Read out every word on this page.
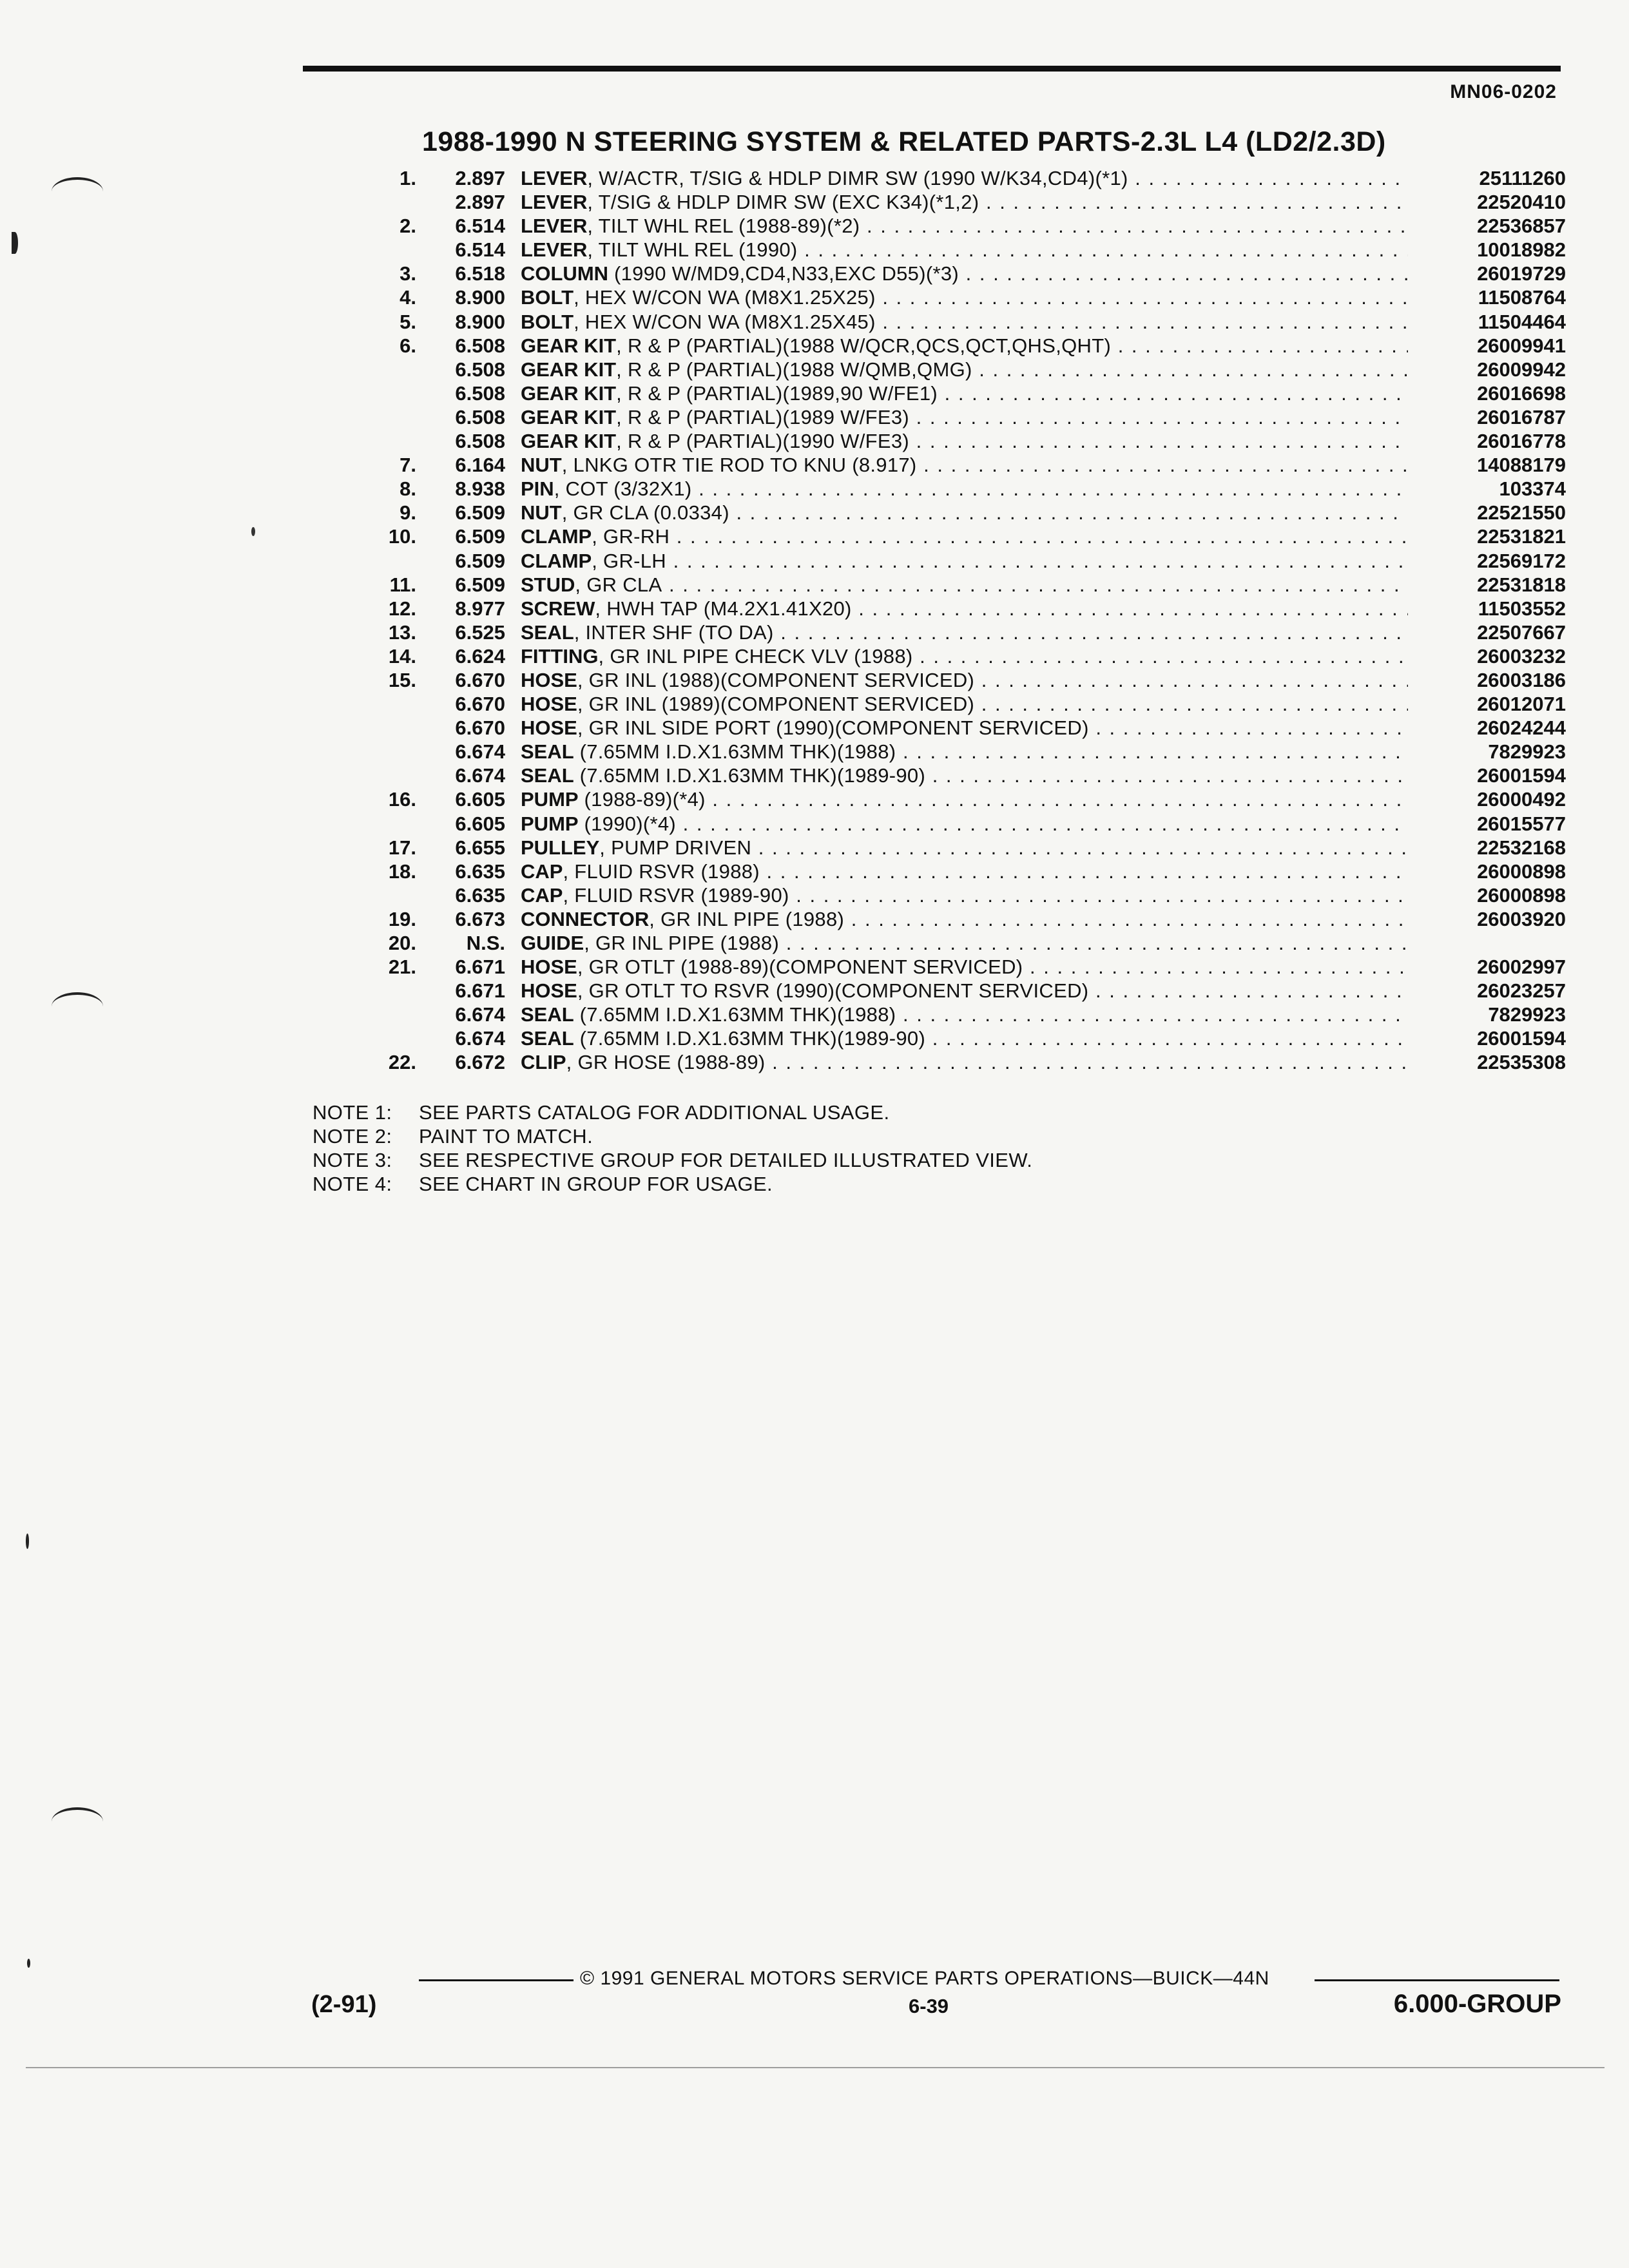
MN06-0202
1988-1990 N STEERING SYSTEM & RELATED PARTS-2.3L L4 (LD2/2.3D)
1.	2.897 LEVER, W/ACTR, T/SIG & HDLP DIMR SW (1990 W/K34,CD4)(*1) . . .	25111260
2.897 LEVER, T/SIG & HDLP DIMR SW (EXC K34)(*1,2) . . .	22520410
2.	6.514 LEVER, TILT WHL REL (1988-89)(*2) . . .	22536857
6.514 LEVER, TILT WHL REL (1990) . . .	10018982
3.	6.518 COLUMN (1990 W/MD9,CD4,N33,EXC D55)(*3) . . .	26019729
4.	8.900 BOLT, HEX W/CON WA (M8X1.25X25) . . .	11508764
5.	8.900 BOLT, HEX W/CON WA (M8X1.25X45) . . .	11504464
6.	6.508 GEAR KIT, R & P (PARTIAL)(1988 W/QCR,QCS,QCT,QHS,QHT) . . .	26009941
6.508 GEAR KIT, R & P (PARTIAL)(1988 W/QMB,QMG) . . .	26009942
6.508 GEAR KIT, R & P (PARTIAL)(1989,90 W/FE1) . . .	26016698
6.508 GEAR KIT, R & P (PARTIAL)(1989 W/FE3) . . .	26016787
6.508 GEAR KIT, R & P (PARTIAL)(1990 W/FE3) . . .	26016778
7.	6.164 NUT, LNKG OTR TIE ROD TO KNU (8.917) . . .	14088179
8.	8.938 PIN, COT (3/32X1) . . .	103374
9.	6.509 NUT, GR CLA (0.0334) . . .	22521550
10.	6.509 CLAMP, GR-RH . . .	22531821
6.509 CLAMP, GR-LH . . .	22569172
11.	6.509 STUD, GR CLA . . .	22531818
12.	8.977 SCREW, HWH TAP (M4.2X1.41X20) . . .	11503552
13.	6.525 SEAL, INTER SHF (TO DA) . . .	22507667
14.	6.624 FITTING, GR INL PIPE CHECK VLV (1988) . . .	26003232
15.	6.670 HOSE, GR INL (1988)(COMPONENT SERVICED) . . .	26003186
6.670 HOSE, GR INL (1989)(COMPONENT SERVICED) . . .	26012071
6.670 HOSE, GR INL SIDE PORT (1990)(COMPONENT SERVICED) . . .	26024244
6.674 SEAL (7.65MM I.D.X1.63MM THK)(1988) . . .	7829923
6.674 SEAL (7.65MM I.D.X1.63MM THK)(1989-90) . . .	26001594
16.	6.605 PUMP (1988-89)(*4) . . .	26000492
6.605 PUMP (1990)(*4) . . .	26015577
17.	6.655 PULLEY, PUMP DRIVEN . . .	22532168
18.	6.635 CAP, FLUID RSVR (1988) . . .	26000898
6.635 CAP, FLUID RSVR (1989-90) . . .	26000898
19.	6.673 CONNECTOR, GR INL PIPE (1988) . . .	26003920
20.	N.S. GUIDE, GR INL PIPE (1988) . . .
21.	6.671 HOSE, GR OTLT (1988-89)(COMPONENT SERVICED) . . .	26002997
6.671 HOSE, GR OTLT TO RSVR (1990)(COMPONENT SERVICED) . . .	26023257
6.674 SEAL (7.65MM I.D.X1.63MM THK)(1988) . . .	7829923
6.674 SEAL (7.65MM I.D.X1.63MM THK)(1989-90) . . .	26001594
22.	6.672 CLIP, GR HOSE (1988-89) . . .	22535308
NOTE 1: SEE PARTS CATALOG FOR ADDITIONAL USAGE.
NOTE 2: PAINT TO MATCH.
NOTE 3: SEE RESPECTIVE GROUP FOR DETAILED ILLUSTRATED VIEW.
NOTE 4: SEE CHART IN GROUP FOR USAGE.
© 1991 GENERAL MOTORS SERVICE PARTS OPERATIONS—BUICK—44N
(2-91)	6-39	6.000-GROUP
